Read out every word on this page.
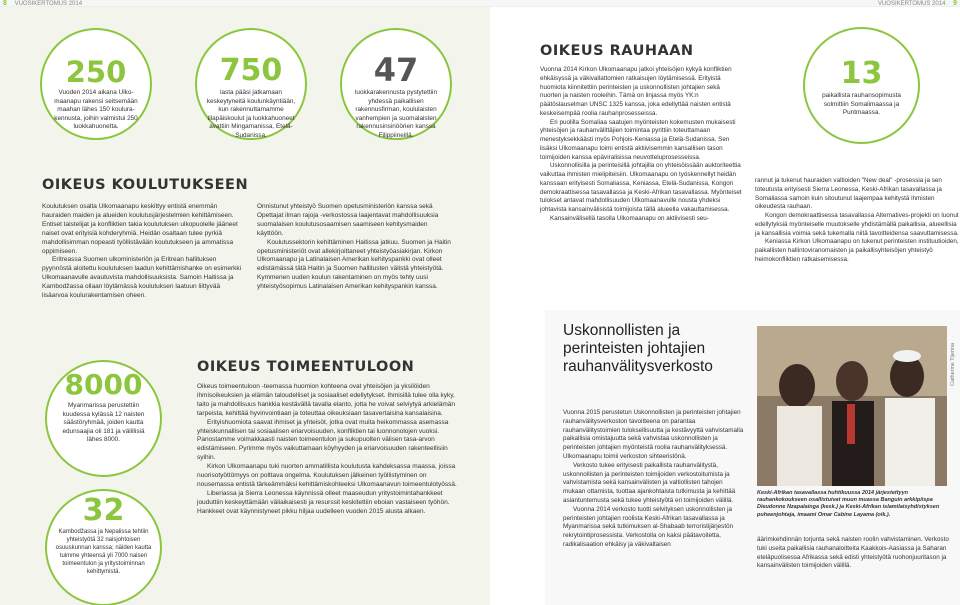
8 VUOSIKERTOMUS 2014	VUOSIKERTOMUS 2014 9
250
Vuoden 2014 aikana Ulko-maanapu rakensi seitsemään maahan lähes 150 koulura-kennusta, joihin valmistui 250 luokkahuonetta.
750
lasta pääsi jatkamaan keskeytyneitä koulunkäyntiään, kun rakennuttamamme tilapäiskoulut ja luokkahuoneet avattiin Mingamanissa, Etelä-Sudanissa.
47
luokkarakennusta pystytettiin yhdessä paikallisen rakennusfirman, koululaisten vanhempien ja suomalaisten rakennusinsinöörien kanssa Filippiineillä.
OIKEUS KOULUTUKSEEN

Koulutuksen osalta Ulkomaanapu keskittyy entistä enemmän hauraiden maiden ja alueiden koulutusjärjestelmien kehittämiseen. Entiset taistelijat ja konfliktien takia koulutuksen ulkopuolelle jääneet naiset ovat erityisiä kohderyhmiä. Heidän osaltaan tulee pyrkiä mahdollisimman nopeasti työllistävään koulutukseen ja ammatissa oppimiseen.

Eritreassa Suomen ulkoministeriön ja Eritrean hallituksen pyynnöstä aloitettu koulutuksen laadun kehittämishanke on esimerkki Ulkomaanavulle avautuvista mahdollisuuksista. Samoin Haitissa ja Kambodžassa ollaan löytämässä koulutuksen laatuun liittyvää lisäarvoa koulurakentamisen oheen.

Onnistunut yhteistyö Suomen opetusministeriön kanssa sekä Opettajat ilman rajoja -verkostossa laajentavat mahdollisuuksia suomalaisen koulutusosaamisen saamiseen kehitysmaiden käyttöön.

Koulutussektorin kehittäminen Haitissa jatkuu. Suomen ja Haitin opetusministeriöt ovat allekirjoittaneet yhteistyöasiakirjan. Kirkon Ulkomaanapu ja Latinalaisen Amerikan kehityspankki ovat olleet edistämässä tätä Haitin ja Suomen hallitusten välistä yhteistyötä. Kymmenen uuden koulun rakentaminen on myös tehty uusi yhteistyösopimus Latinalaisen Amerikan kehityspankin kanssa.

8000
Myanmarissa perustettiin kuudessa kylässä 12 naisten säästöryhmää, joiden kautta edunsaajia oli 181 ja välillisiä lähes 8000.
32
Kambodžassa ja Nepalissa tehtiin yhteistyötä 32 naisjohtoisen osuuskunnan kanssa; näiden kautta tuimme yhteensä yli 7000 naisen toimeentulon ja yritystoiminnan kehittymistä.
OIKEUS TOIMEENTULOON

Oikeus toimeentuloon -teemassa huomion kohteena ovat yhteisöjen ja yksilöiden ihmisoikeuksien ja elämän taloudelliset ja sosiaaliset edellytykset. Ihmisillä tulee olla kyky, taito ja mahdollisuus hankkia kestävällä tavalla elanto, jotta he voivat selviytyä arkielämän tarpeista, kehittää hyvinvointiaan ja toteuttaa oikeuksiaan tasavertaisina kansalaisina.

Erityishuomiota saavat ihmiset ja yhteisöt, jotka ovat muita heikommassa asemassa yhteiskunnallisen tai sosiaalisen eriarvoisuuden, konfliktien tai luonnonolojen vuoksi. Panostamme voimakkaasti naisten toimeentulon ja sukupuolten välisen tasa-arvon edistämiseen. Pyrimme myös vaikuttamaan köyhyyden ja eriarvoisuuden rakenteellisiin syihin.

Kirkon Ulkomaanapu tuki nuorten ammatillista koulutusta kahdeksassa maassa, joissa nuorisotyöttömyys on polttava ongelma. Koulutuksen jälkeinen työllistyminen on nousemassa entistä tärkeämmäksi kehittämiskohteeksi Ulkomaanavun toimeentulotyössä.

Liberiassa ja Sierra Leonessa käynnissä olleet maaseudun yritystoimintahankkeet jouduttiin keskeyttämään väliaikaisesti ja resurssit keskitettiin eboian vastaiseen työhön. Hankkeet ovat käynnistyneet pikku hiljaa uudelleen vuoden 2015 alusta alkaen.

OIKEUS RAUHAAN

Vuonna 2014 Kirkon Ulkomaanapu jatkoi yhteisöjen kykyä konfliktien ehkäisyssä ja väkivallattomien ratkaisujen löytämisessä. Erityistä huomiota kiinnitettiin perinteisten ja uskonnollisten johtajien sekä nuorten ja naisten rooleihin. Tämä on linjassa myös YK:n päätöslauselman UNSC 1325 kanssa, joka edellyttää naisten entistä keskeisempää roolia rauhanprosesseissa.

Eri puolilla Somaliaa saatujen myönteisten kokemusten mukaisesti yhteisöjen ja rauhanvälittäjien toimintaa pyrittiin toteuttamaan menestyksekkäästi myös Pohjois-Keniassa ja Etelä-Sudanissa. Sen lisäksi Ulkomaanapu toimi entistä aktiivisemmin kansallisen tason toimijoiden kanssa epäviralisissa neuvotteluprosesseissa.

Uskonnollisilla ja perinteisillä johtajilla on yhteisöissään auktoriteettia vaikuttaa ihmisten mielipiteisiin. Ulkomaanapu on työskennellyt heidän kanssaan erityisesti Somaliassa, Keniassa, Etelä-Sudanissa, Kongon demokraattisessa tasavallassa ja Keski-Afrikan tasavallassa. Myönteiset tulokset antavat mahdollisuuden Ulkomaanavulle nousta yhdeksi johtavista kansainvälisistä toimijoista tällä alueella vakauttamisessa.

Kansainvälisellä tasolla Ulkomaanapu on aktiivisesti seu-

13
paikallista rauhansopimusta solmittiin Somalimaassa ja Puntmaassa.

rannut ja tukenut hauraiden valtioiden "New deal" -prosessia ja sen toteutusta erityisesti Sierra Leonessa, Keski-Afrikan tasavallassa ja Somaliassa samoin kuin sitoutunut laajempaa kehitystä ihmisten oikeudesta rauhaan.

Kongon demokraattisessa tasavallassa Alternatives-projekti on luonut edellytyksiä myönteiselle muutokselle yhdistämällä paikallisia, alueellisia ja kansallisia voimia sekä tukemalla niitä tavoitteidensa saavuttamisessa.

Keniassa Kirkon Ulkomaanapu on tukenut perinteisten instituutioiden, paikallisten hallintoviranomaisten ja paikallisyhteisöjen yhteistyö heimokonfliktien ratkaisemisessa.

Uskonnollisten ja perinteisten johtajien rauhanvälitysverkosto

Vuonna 2015 perustetun Uskonnollisten ja perinteisten johtajien rauhanvälitysverkoston tavoitteena on parantaa rauhanvälitystoimien tuloksellisuutta ja kestävyyttä vahvistamalla paikallisia omistajuutta sekä vahvistaa uskonnollisten ja perinteisten johtajien myönteistä roolia rauhanvälityksessä. Ulkomaanapu toimii verkoston sihteeristönä.

Verkosto tukee erityisesti paikallista rauhanvälitystä, uskonnollisten ja perinteisten toimijoiden verkostoitumista ja vahvistamista sekä kansainvälisten ja valtiollisten tahojen mukaan ottamista, tuottaa ajankohtaista tutkimusta ja kehittää asiantuntemusta sekä tukee yhteistyötä eri toimijoiden välillä.

Vuonna 2014 verkosto tuotti selvityksen uskonnollisten ja perinteisten johtajien roolista Keski-Afrikan tasavallassa ja Myanmarissa sekä tutkimuksen al-Shabaab terroristijärjestön rekrytointiprosessista. Verkostolla on kaksi päätavoitetta, radikalisaation ehkäisy ja väkivaltaisen

Catherine Tijerina
Keski-Afrikan tasavallassa huhtikuussa 2014 järjestettyyn rauhankokoukseen osallistuivat muun muassa Banguin arkkipiispa Dieudonne Nzapalainga (kesk.) ja Keski-Afrikan islamilaisyhdistyksen puheenjohtaja, imaami Omar Cabine Layama (oik.).
äärimkehdinnän torjunta sekä naisten roolin vahvistaminen. Verkosto tuki useita paikallisia rauhanaloitteita Kaakkois-Aasiassa ja Saharan eteläpuolisessa Afrikassa sekä edisti yhteistyötä ruohonjuuritason ja kansainvälisten toimijoiden välillä.
